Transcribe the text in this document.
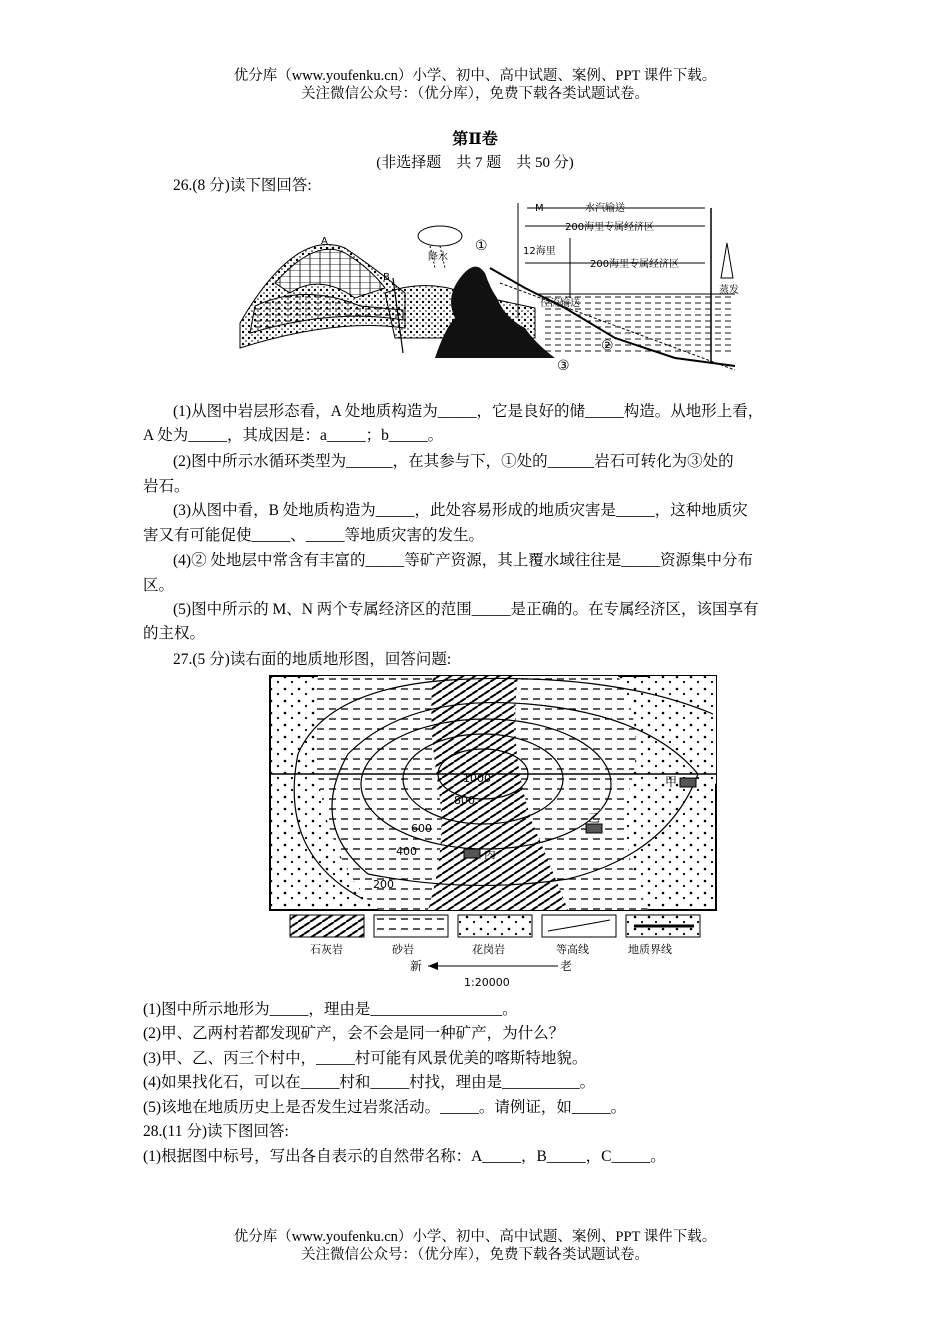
优分库（www.youfenku.cn）小学、初中、高中试题、案例、PPT 课件下载。
关注微信公众号：（优分库），免费下载各类试题试卷。
第Ⅱ卷
(非选择题　共 7 题　共 50 分)
26.(8 分)读下图回答:
A
B
M
降水
①
②
③
水汽输送
200海里专属经济区
12海里
200海里专属经济区
蒸发
径流输送
(1)从图中岩层形态看，A 处地质构造为_____，它是良好的储_____构造。从地形上看，
A 处为_____，其成因是：a_____；b_____。
(2)图中所示水循环类型为______，在其参与下，①处的______岩石可转化为③处的
岩石。
(3)从图中看，B 处地质构造为_____，此处容易形成的地质灾害是_____，这种地质灾
害又有可能促使_____、_____等地质灾害的发生。
(4)② 处地层中常含有丰富的_____等矿产资源，其上覆水域往往是_____资源集中分布
区。
(5)图中所示的 M、N 两个专属经济区的范围_____是正确的。在专属经济区，该国享有
的主权。
27.(5 分)读右面的地质地形图，回答问题:
1000
800
600
400
200
甲
乙
丙
石灰岩	砂岩	花岗岩	等高线	地质界线
新	老
1:20000
(1)图中所示地形为_____，理由是_________________。
(2)甲、乙两村若都发现矿产，会不会是同一种矿产，为什么？
(3)甲、乙、丙三个村中，_____村可能有风景优美的喀斯特地貌。
(4)如果找化石，可以在_____村和_____村找，理由是__________。
(5)该地在地质历史上是否发生过岩浆活动。_____。请例证，如_____。
28.(11 分)读下图回答:
(1)根据图中标号，写出各自表示的自然带名称：A_____，B_____，C_____。
优分库（www.youfenku.cn）小学、初中、高中试题、案例、PPT 课件下载。
关注微信公众号：（优分库），免费下载各类试题试卷。
